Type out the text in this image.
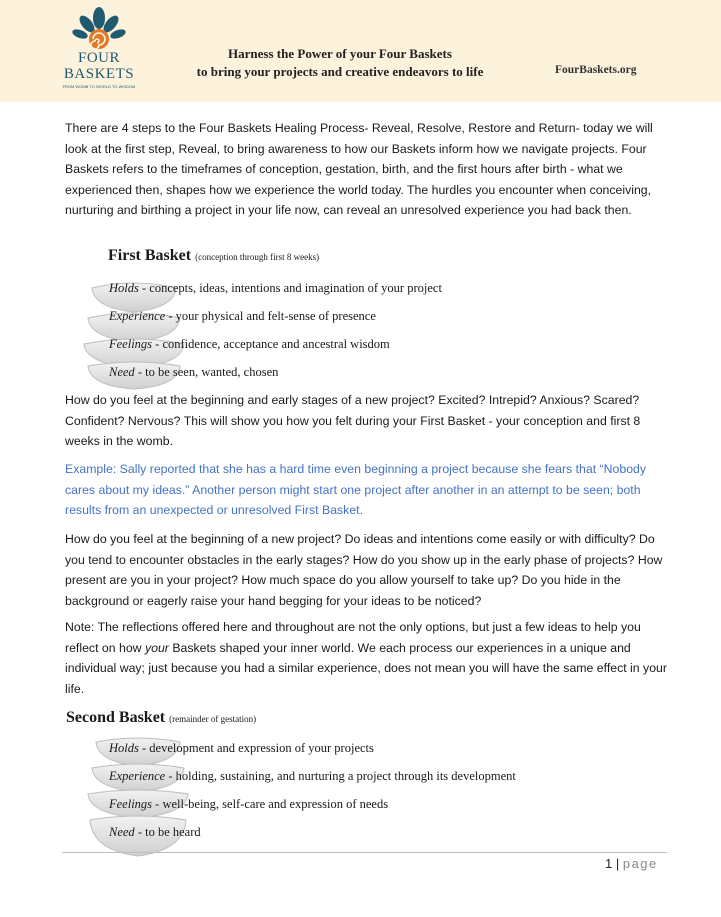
FOUR
BASKETS
FROM WOMB TO WORLD TO WISDOM
Harness the Power of your Four Baskets
to bring your projects and creative endeavors to life	FourBaskets.org
There are 4 steps to the Four Baskets Healing Process- Reveal, Resolve, Restore and Return- today we will look at the first step, Reveal, to bring awareness to how our Baskets inform how we navigate projects. Four Baskets refers to the timeframes of conception, gestation, birth, and the first hours after birth - what we experienced then, shapes how we experience the world today. The hurdles you encounter when conceiving, nurturing and birthing a project in your life now, can reveal an unresolved experience you had back then.
First Basket (conception through first 8 weeks)
Holds - concepts, ideas, intentions and imagination of your project
Experience - your physical and felt-sense of presence
Feelings - confidence, acceptance and ancestral wisdom
Need - to be seen, wanted, chosen
How do you feel at the beginning and early stages of a new project? Excited? Intrepid? Anxious? Scared? Confident? Nervous? This will show you how you felt during your First Basket - your conception and first 8 weeks in the womb.
Example: Sally reported that she has a hard time even beginning a project because she fears that “Nobody cares about my ideas.” Another person might start one project after another in an attempt to be seen; both results from an unexpected or unresolved First Basket.
How do you feel at the beginning of a new project? Do ideas and intentions come easily or with difficulty? Do you tend to encounter obstacles in the early stages? How do you show up in the early phase of projects? How present are you in your project? How much space do you allow yourself to take up? Do you hide in the background or eagerly raise your hand begging for your ideas to be noticed?
Note: The reflections offered here and throughout are not the only options, but just a few ideas to help you reflect on how your Baskets shaped your inner world. We each process our experiences in a unique and individual way; just because you had a similar experience, does not mean you will have the same effect in your life.
Second Basket (remainder of gestation)
Holds - development and expression of your projects
Experience - holding, sustaining, and nurturing a project through its development
Feelings - well-being, self-care and expression of needs
Need - to be heard
1 | page
